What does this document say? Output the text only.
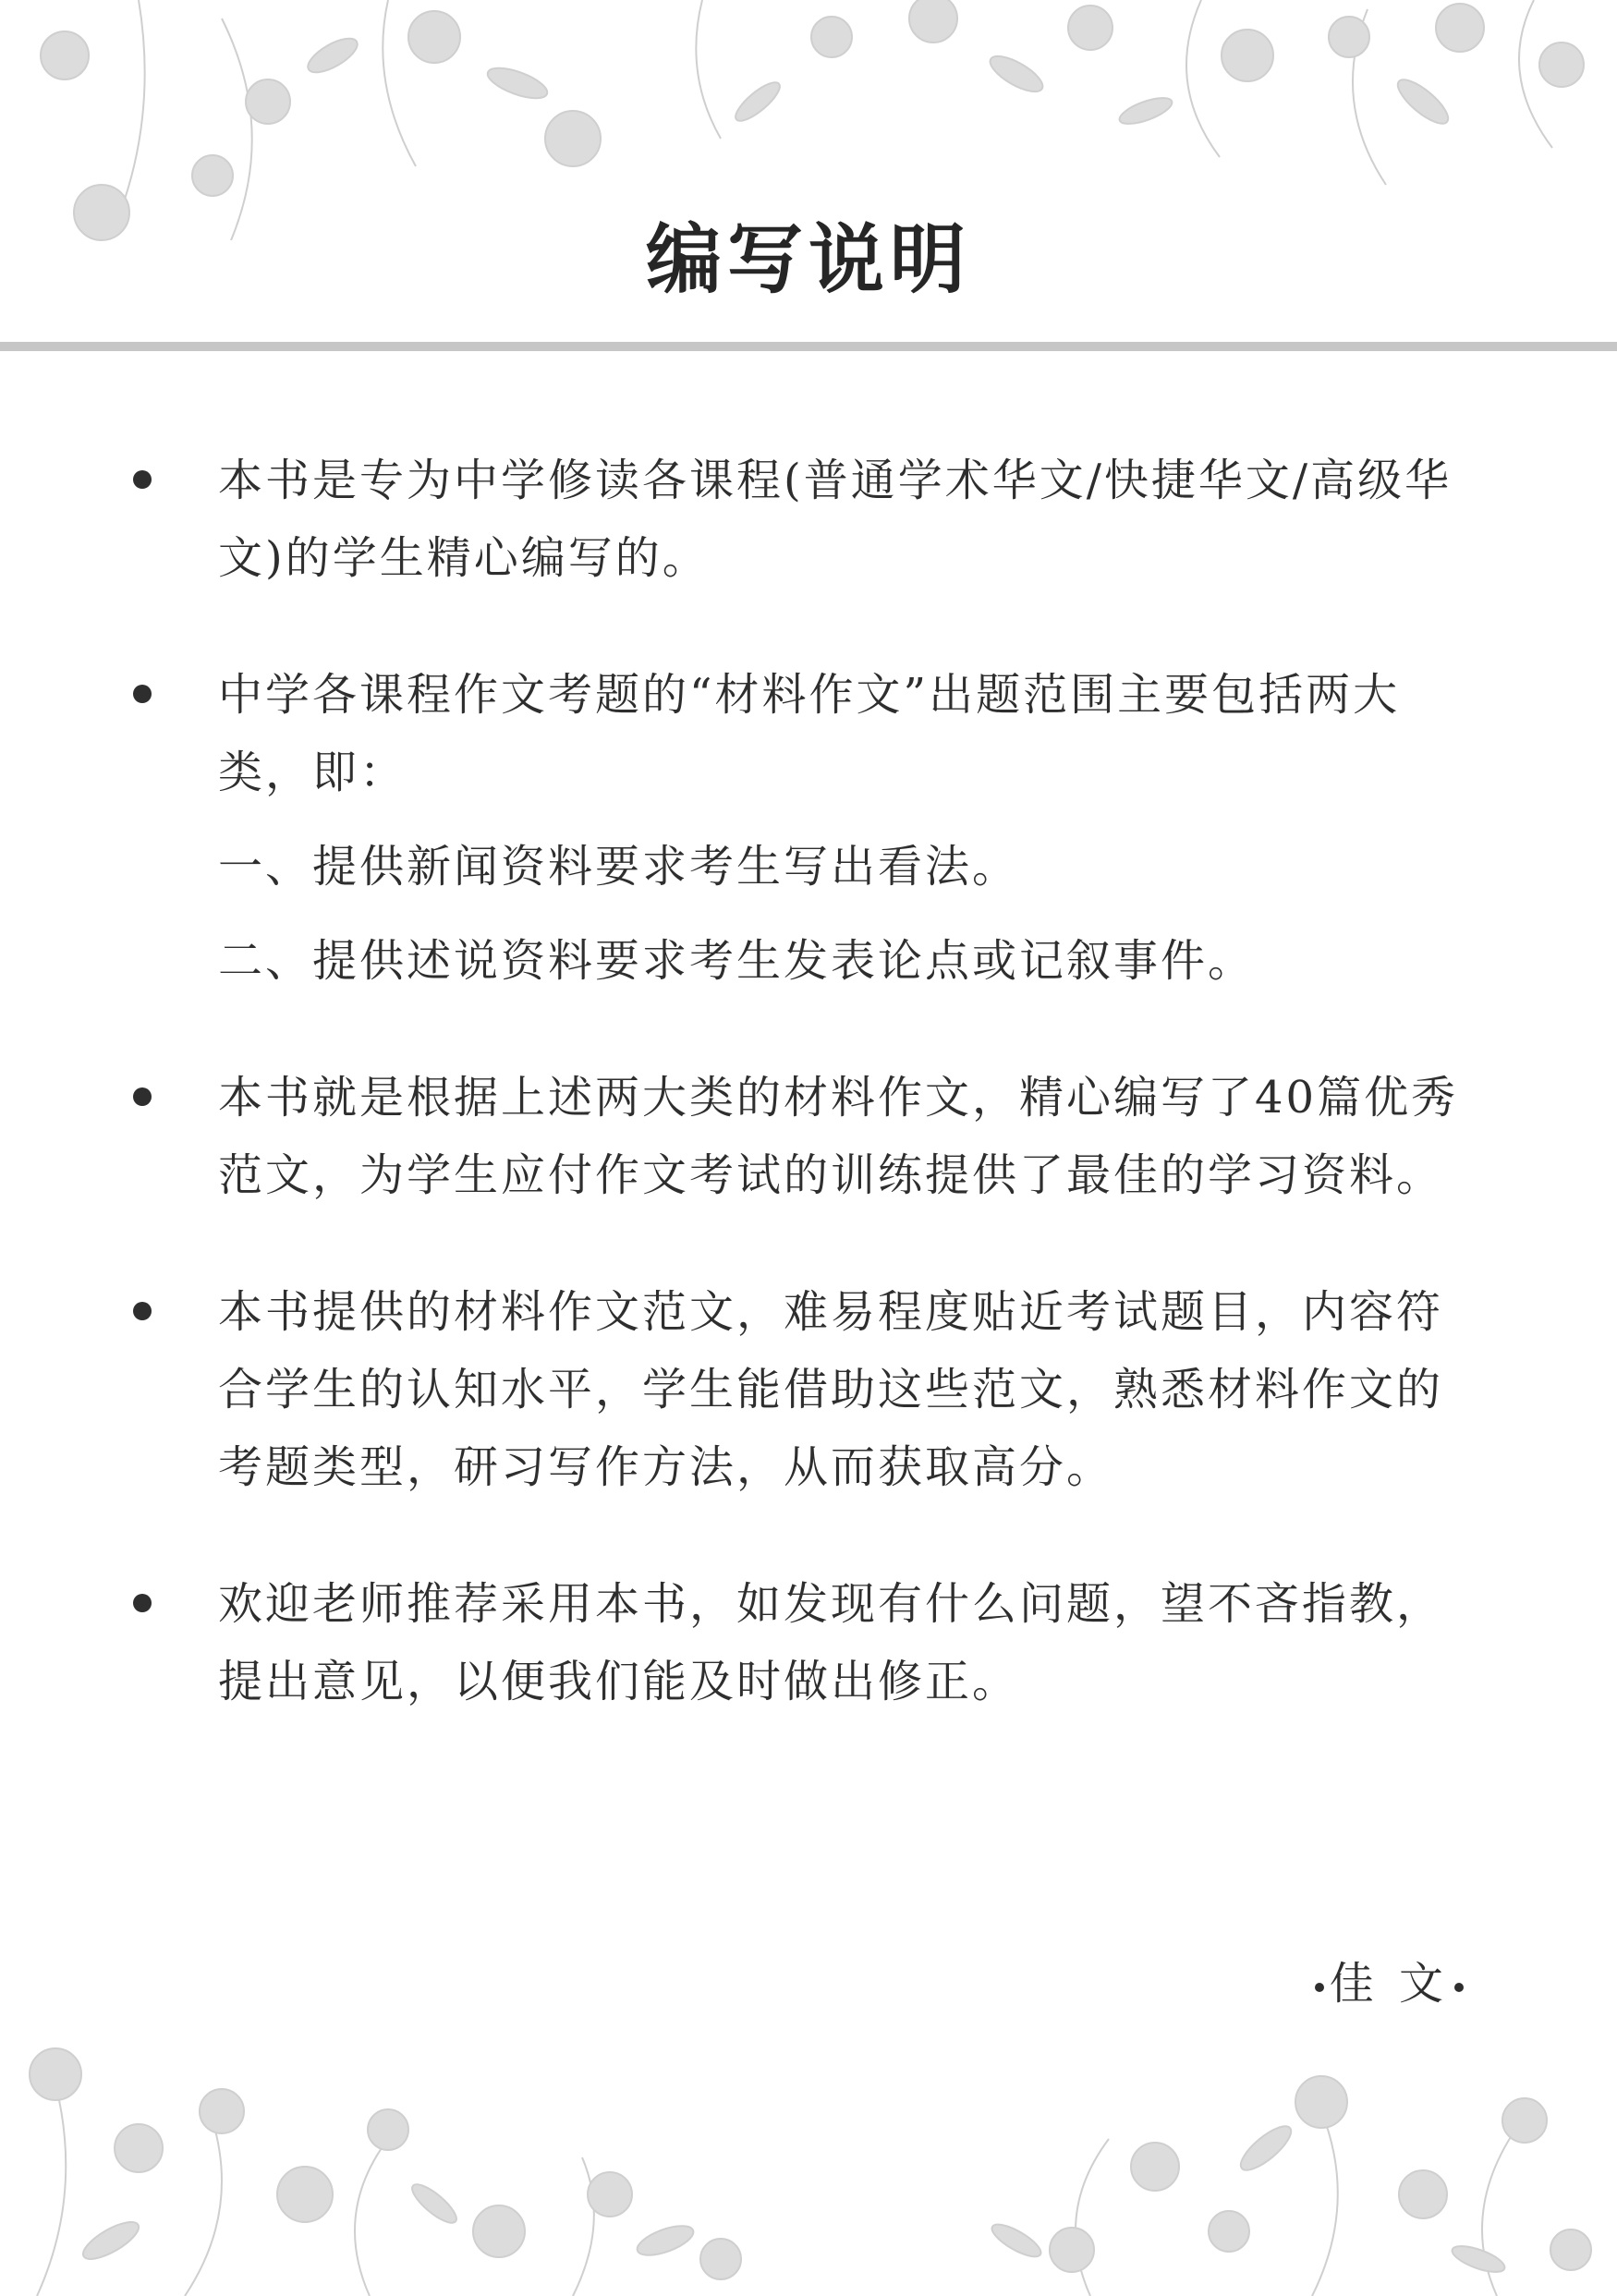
编写说明
本书是专为中学修读各课程(普通学术华文/快捷华文/高级华文)的学生精心编写的。
中学各课程作文考题的“材料作文”出题范围主要包括两大类，即：
一、提供新闻资料要求考生写出看法。
二、提供述说资料要求考生发表论点或记叙事件。
本书就是根据上述两大类的材料作文，精心编写了40篇优秀范文，为学生应付作文考试的训练提供了最佳的学习资料。
本书提供的材料作文范文，难易程度贴近考试题目，内容符合学生的认知水平，学生能借助这些范文，熟悉材料作文的考题类型，研习写作方法，从而获取高分。
欢迎老师推荐采用本书，如发现有什么问题，望不吝指教，提出意见，以便我们能及时做出修正。
佳 文
